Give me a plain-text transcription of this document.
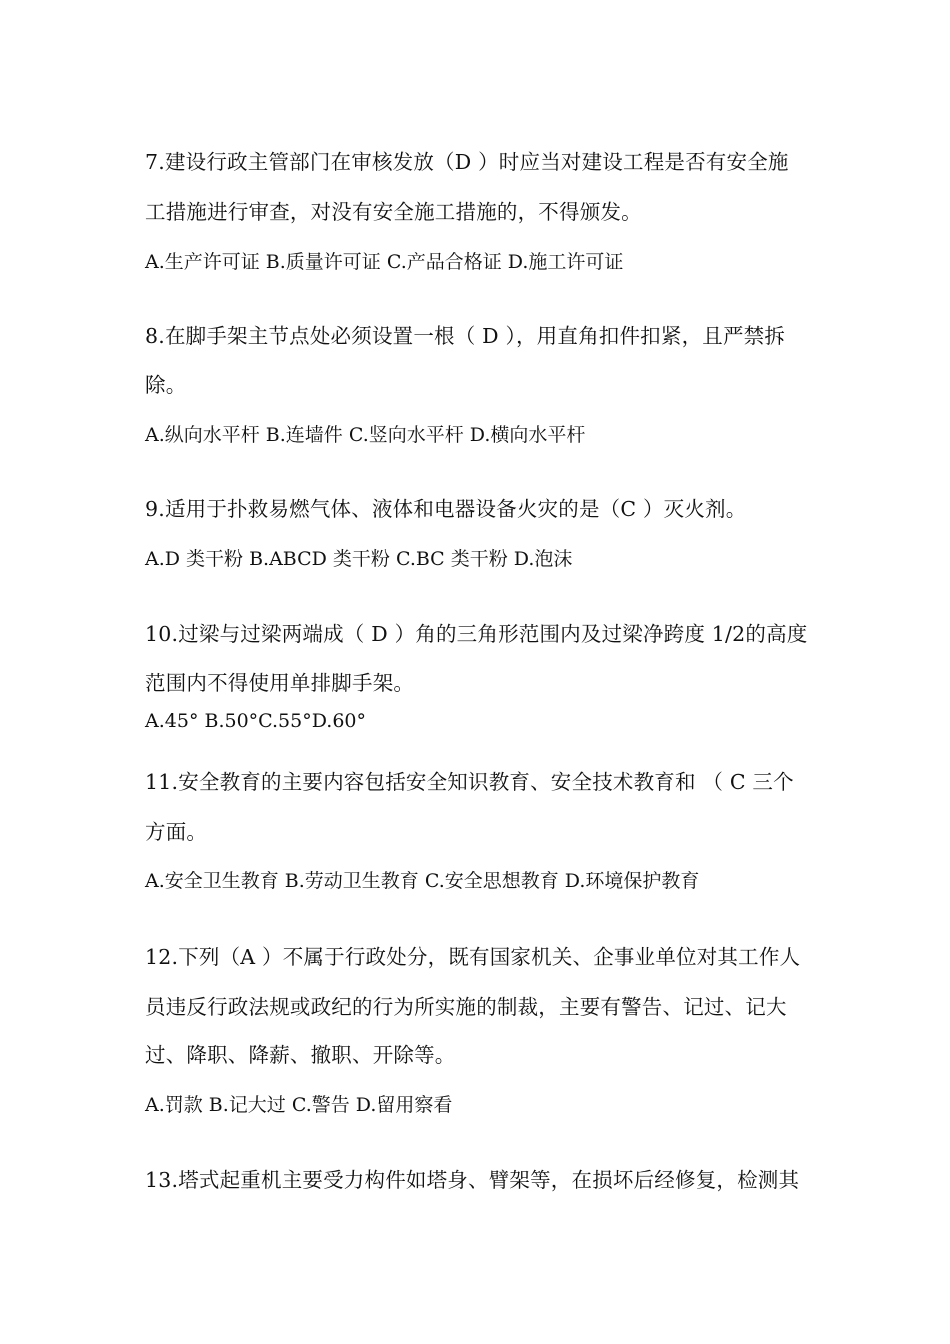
7.建设行政主管部门在审核发放（D ）时应当对建设工程是否有安全施
工措施进行审查，对没有安全施工措施的，不得颁发。
A.生产许可证 B.质量许可证 C.产品合格证 D.施工许可证
8.在脚手架主节点处必须设置一根（ D ），用直角扣件扣紧，且严禁拆
除。
A.纵向水平杆 B.连墙件 C.竖向水平杆 D.横向水平杆
9.适用于扑救易燃气体、液体和电器设备火灾的是（C ）灭火剂。
A.D 类干粉 B.ABCD 类干粉 C.BC 类干粉 D.泡沫
10.过梁与过梁两端成（ D ）角的三角形范围内及过梁净跨度 1/2的高度
范围内不得使用单排脚手架。
A.45° B.50°C.55°D.60°
11.安全教育的主要内容包括安全知识教育、安全技术教育和 （ C 三个
方面。
A.安全卫生教育 B.劳动卫生教育 C.安全思想教育 D.环境保护教育
12.下列（A ）不属于行政处分，既有国家机关、企事业单位对其工作人
员违反行政法规或政纪的行为所实施的制裁，主要有警告、记过、记大
过、降职、降薪、撤职、开除等。
A.罚款 B.记大过 C.警告 D.留用察看
13.塔式起重机主要受力构件如塔身、臂架等，在损坏后经修复，检测其
